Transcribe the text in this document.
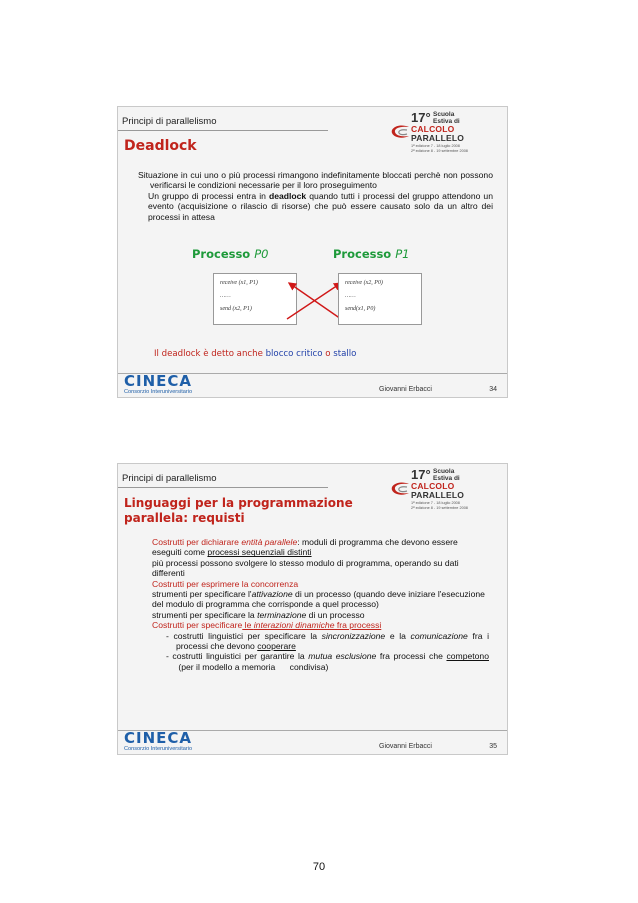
Principi di parallelismo	17° Scuola
Estiva di
CALCOLO
PARALLELO
1ª edizione 7 - 18 luglio 2008
2ª edizione 8 - 19 settembre 2008
Deadlock
Situazione in cui uno o più processi rimangono indefinitamente bloccati perchè non possono verificarsi le condizioni necessarie per il loro proseguimento
Un gruppo di processi entra in deadlock quando tutti i processi del gruppo attendono un evento (acquisizione o rilascio di risorse) che può essere causato solo da un altro dei processi in attesa
Processo P0	Processo P1
receive (x1, P1)
……
send (x2, P1)
receive (x2, P0)
……
send(x1, P0)
Il deadlock è detto anche blocco critico o stallo
CINECA
Consorzio Interuniversitario	Giovanni Erbacci	34
Principi di parallelismo	17° Scuola
Estiva di
CALCOLO
PARALLELO
1ª edizione 7 - 18 luglio 2008
2ª edizione 8 - 19 settembre 2008
Linguaggi per la programmazione
parallela: requisti
Costrutti per dichiarare entità parallele: moduli di programma che devono essere eseguiti come processi sequenziali distinti
più processi possono svolgere lo stesso modulo di programma, operando su dati differenti
Costrutti per esprimere la concorrenza
strumenti per specificare l'attivazione di un processo (quando deve iniziare l'esecuzione del modulo di programma che corrisponde a quel processo)
strumenti per specificare la terminazione di un processo
Costrutti per specificare le interazioni dinamiche fra processi
- costrutti linguistici per specificare la sincronizzazione e la comunicazione fra i processi che devono cooperare
- costrutti linguistici per garantire la mutua esclusione fra processi che competono (per il modello a memoria      condivisa)
CINECA
Consorzio Interuniversitario	Giovanni Erbacci	35
70
